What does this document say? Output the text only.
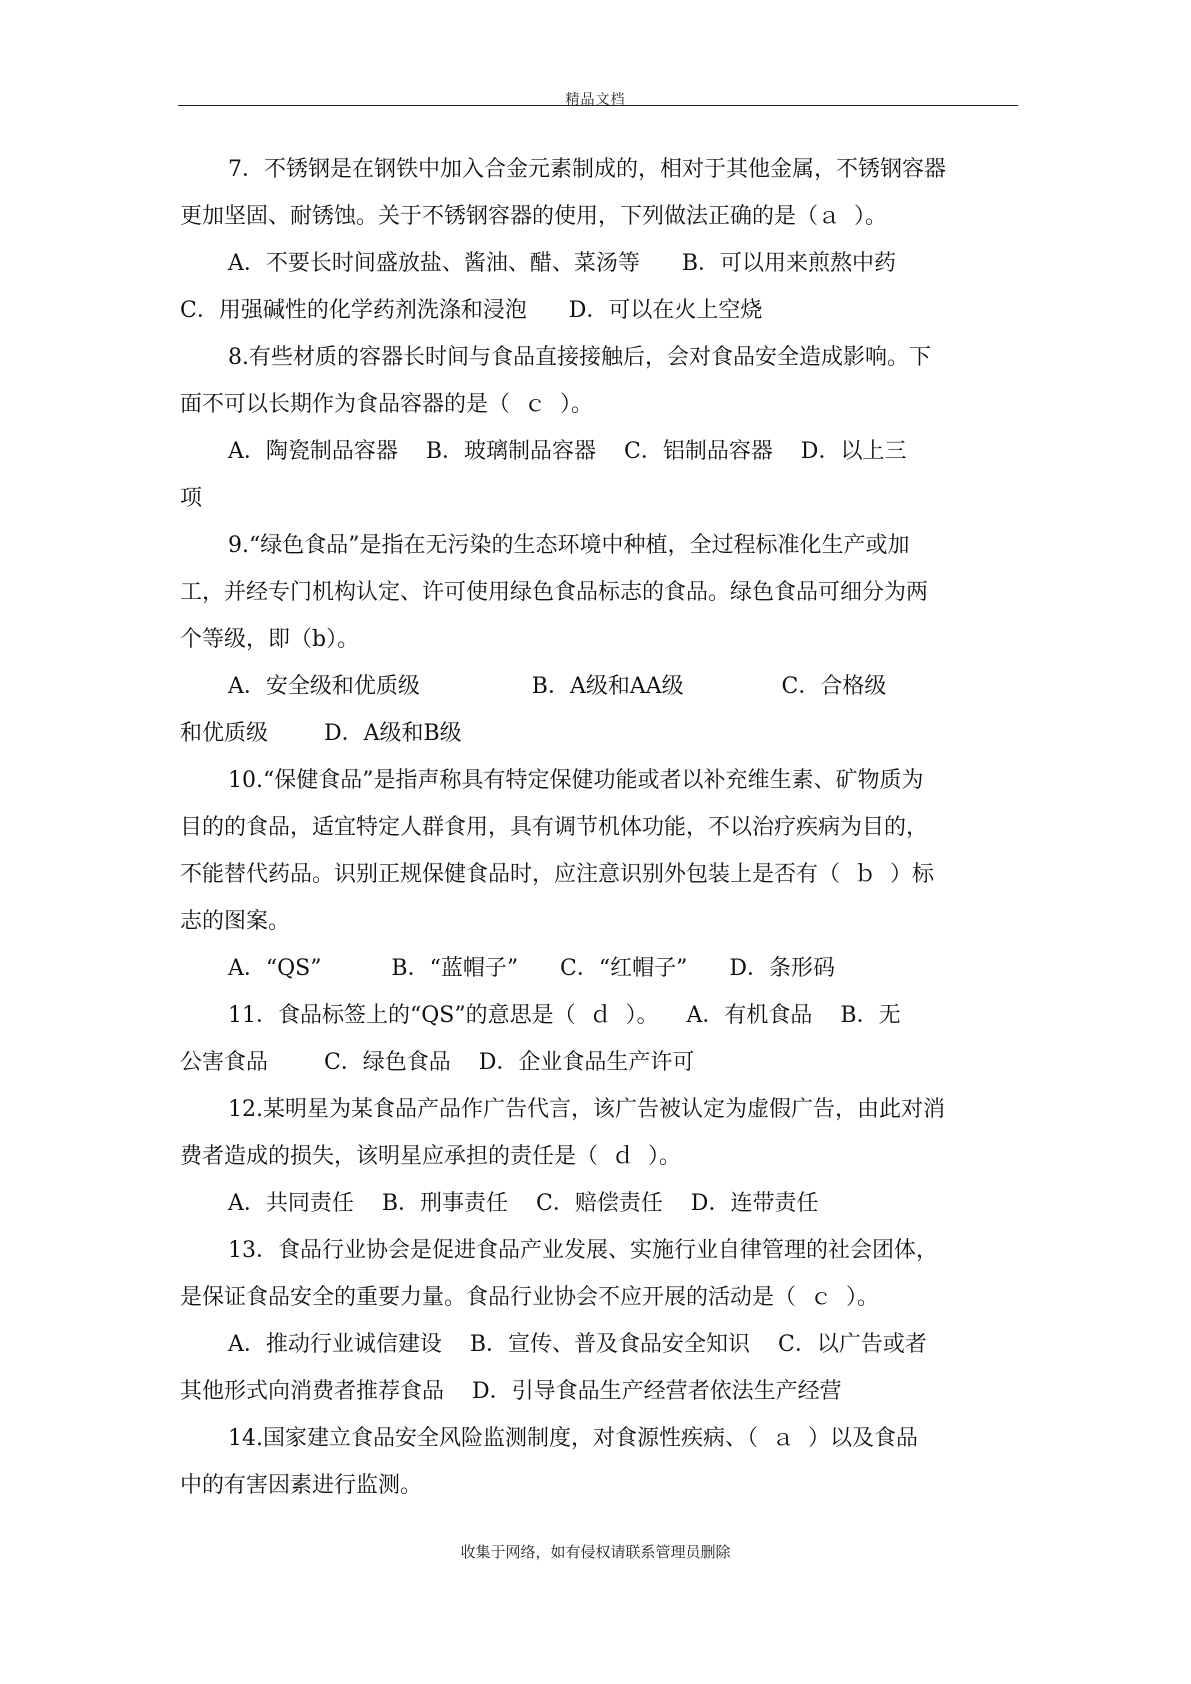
精品文档

7．不锈钢是在钢铁中加入合金元素制成的，相对于其他金属，不锈钢容器

更加坚固、耐锈蚀。关于不锈钢容器的使用，下列做法正确的是（ａ  ）。

A．不要长时间盛放盐、酱油、醋、菜汤等      B．可以用来煎熬中药

C．用强碱性的化学药剂洗涤和浸泡      D．可以在火上空烧

8.有些材质的容器长时间与食品直接接触后，会对食品安全造成影响。下

面不可以长期作为食品容器的是（  ｃ  ）。

A．陶瓷制品容器    B．玻璃制品容器    C．铝制品容器    D．以上三

项

9.“绿色食品”是指在无污染的生态环境中种植，全过程标准化生产或加

工，并经专门机构认定、许可使用绿色食品标志的食品。绿色食品可细分为两

个等级，即（b）。

A．安全级和优质级                B．A级和AA级              C．合格级

和优质级        D．A级和B级

10.“保健食品”是指声称具有特定保健功能或者以补充维生素、矿物质为

目的的食品，适宜特定人群食用，具有调节机体功能，不以治疗疾病为目的，

不能替代药品。识别正规保健食品时，应注意识别外包装上是否有（  ｂ  ）标

志的图案。

A．“QS”          B．“蓝帽子”      C．“红帽子”      D．条形码

11．食品标签上的“QS”的意思是（  ｄ  ）。    A．有机食品    B．无

公害食品        C．绿色食品    D．企业食品生产许可

12.某明星为某食品产品作广告代言，该广告被认定为虚假广告，由此对消

费者造成的损失，该明星应承担的责任是（  ｄ  ）。

A．共同责任    B．刑事责任    C．赔偿责任    D．连带责任

13．食品行业协会是促进食品产业发展、实施行业自律管理的社会团体，

是保证食品安全的重要力量。食品行业协会不应开展的活动是（  ｃ  ）。

A．推动行业诚信建设    B．宣传、普及食品安全知识    C．以广告或者

其他形式向消费者推荐食品    D．引导食品生产经营者依法生产经营

14.国家建立食品安全风险监测制度，对食源性疾病、（  ａ  ）以及食品

中的有害因素进行监测。

收集于网络，如有侵权请联系管理员删除
